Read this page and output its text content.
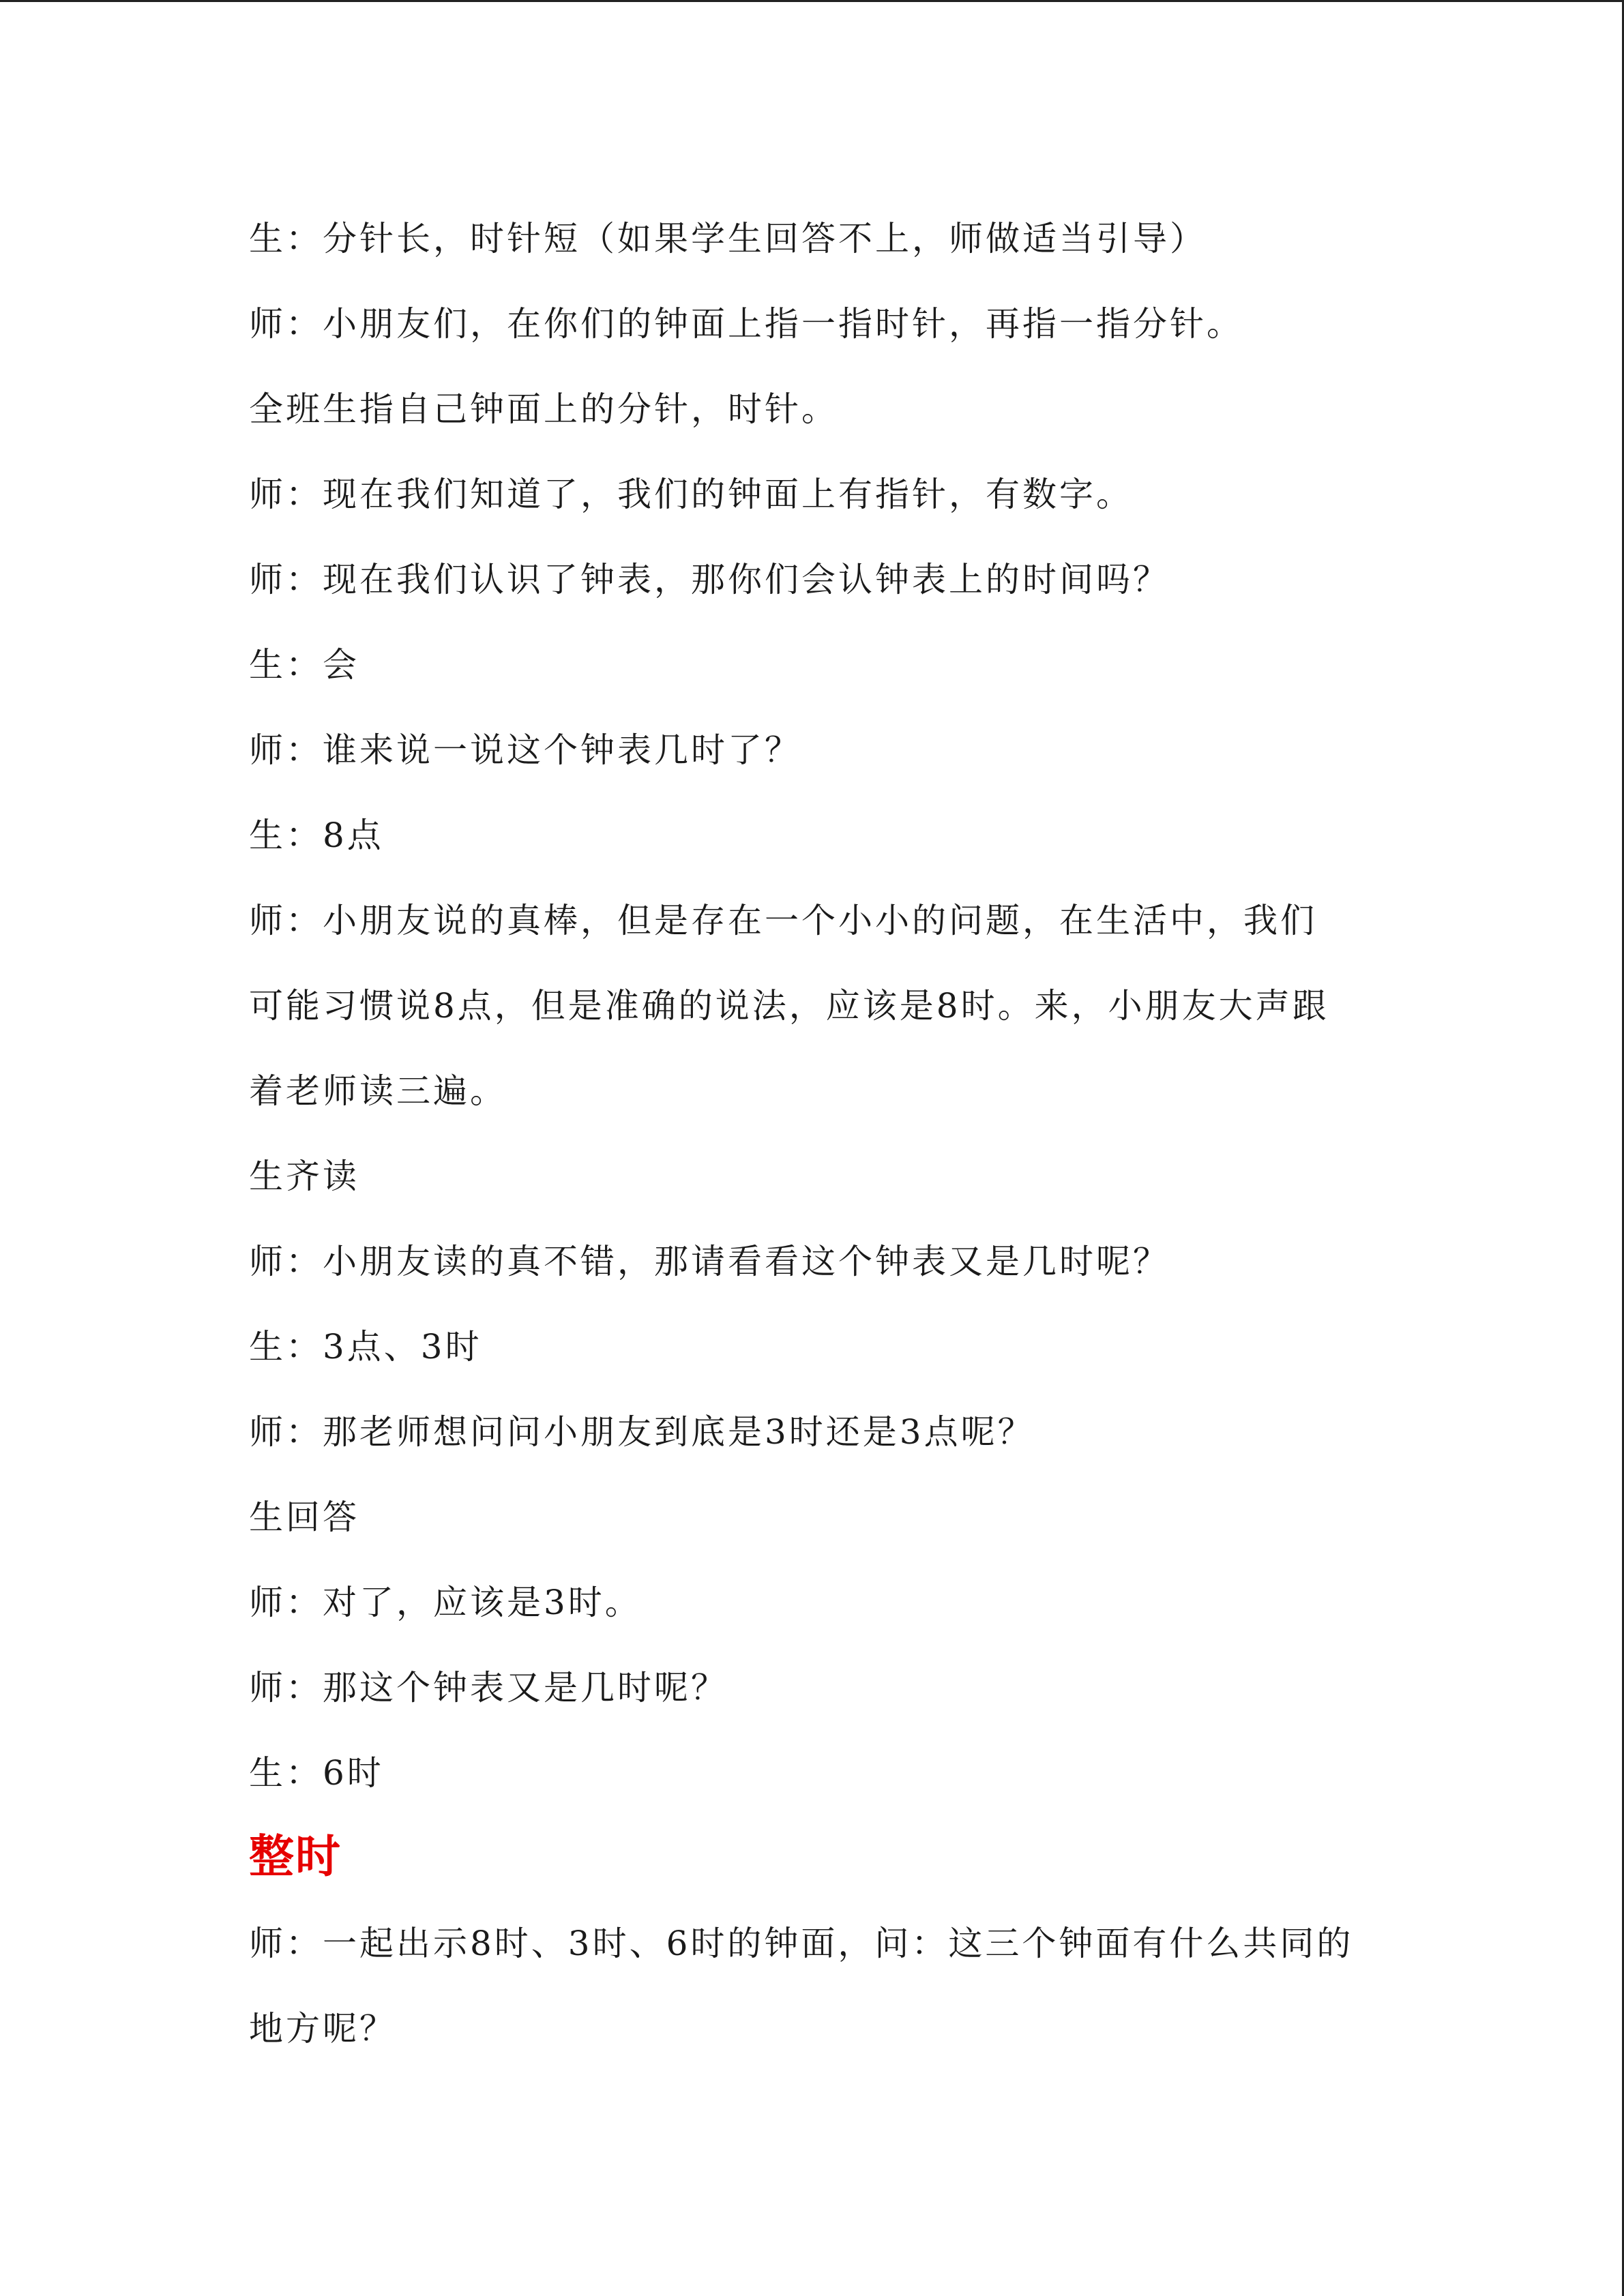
生：分针长，时针短（如果学生回答不上，师做适当引导）
师：小朋友们，在你们的钟面上指一指时针，再指一指分针。
全班生指自己钟面上的分针，时针。
师：现在我们知道了，我们的钟面上有指针，有数字。
师：现在我们认识了钟表，那你们会认钟表上的时间吗？
生：会
师：谁来说一说这个钟表几时了？
生：8点
师：小朋友说的真棒，但是存在一个小小的问题，在生活中，我们
可能习惯说8点，但是准确的说法，应该是8时。来，小朋友大声跟
着老师读三遍。
生齐读
师：小朋友读的真不错，那请看看这个钟表又是几时呢？
生：3点、3时
师：那老师想问问小朋友到底是3时还是3点呢？
生回答
师：对了，应该是3时。
师：那这个钟表又是几时呢？
生：6时
整时
师：一起出示8时、3时、6时的钟面，问：这三个钟面有什么共同的
地方呢？
